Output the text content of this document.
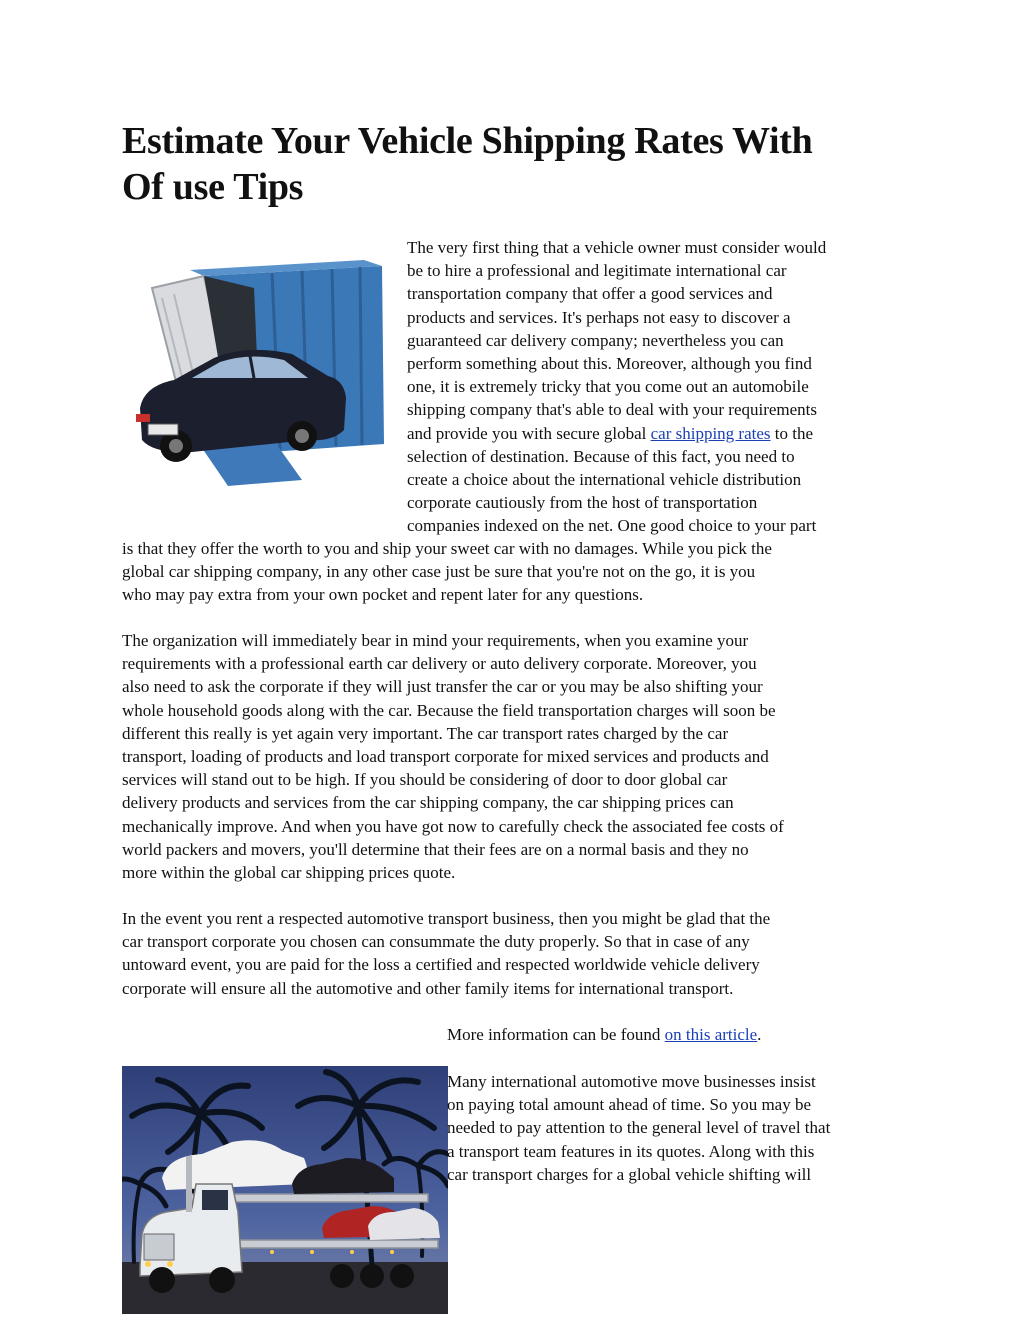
Estimate Your Vehicle Shipping Rates With
Of use Tips
The very first thing that a vehicle owner must consider would
be to hire a professional and legitimate international car
transportation company that offer a good services and
products and services. It's perhaps not easy to discover a
guaranteed car delivery company; nevertheless you can
perform something about this. Moreover, although you find
one, it is extremely tricky that you come out an automobile
shipping company that's able to deal with your requirements
and provide you with secure global car shipping rates to the
selection of destination. Because of this fact, you need to
create a choice about the international vehicle distribution
corporate cautiously from the host of transportation
companies indexed on the net. One good choice to your part
is that they offer the worth to you and ship your sweet car with no damages. While you pick the
global car shipping company, in any other case just be sure that you're not on the go, it is you
who may pay extra from your own pocket and repent later for any questions.
The organization will immediately bear in mind your requirements, when you examine your
requirements with a professional earth car delivery or auto delivery corporate. Moreover, you
also need to ask the corporate if they will just transfer the car or you may be also shifting your
whole household goods along with the car. Because the field transportation charges will soon be
different this really is yet again very important. The car transport rates charged by the car
transport, loading of products and load transport corporate for mixed services and products and
services will stand out to be high. If you should be considering of door to door global car
delivery products and services from the car shipping company, the car shipping prices can
mechanically improve. And when you have got now to carefully check the associated fee costs of
world packers and movers, you'll determine that their fees are on a normal basis and they no
more within the global car shipping prices quote.
In the event you rent a respected automotive transport business, then you might be glad that the
car transport corporate you chosen can consummate the duty properly. So that in case of any
untoward event, you are paid for the loss a certified and respected worldwide vehicle delivery
corporate will ensure all the automotive and other family items for international transport.
More information can be found on this article.
Many international automotive move businesses insist
on paying total amount ahead of time. So you may be
needed to pay attention to the general level of travel that
a transport team features in its quotes. Along with this
car transport charges for a global vehicle shifting will
